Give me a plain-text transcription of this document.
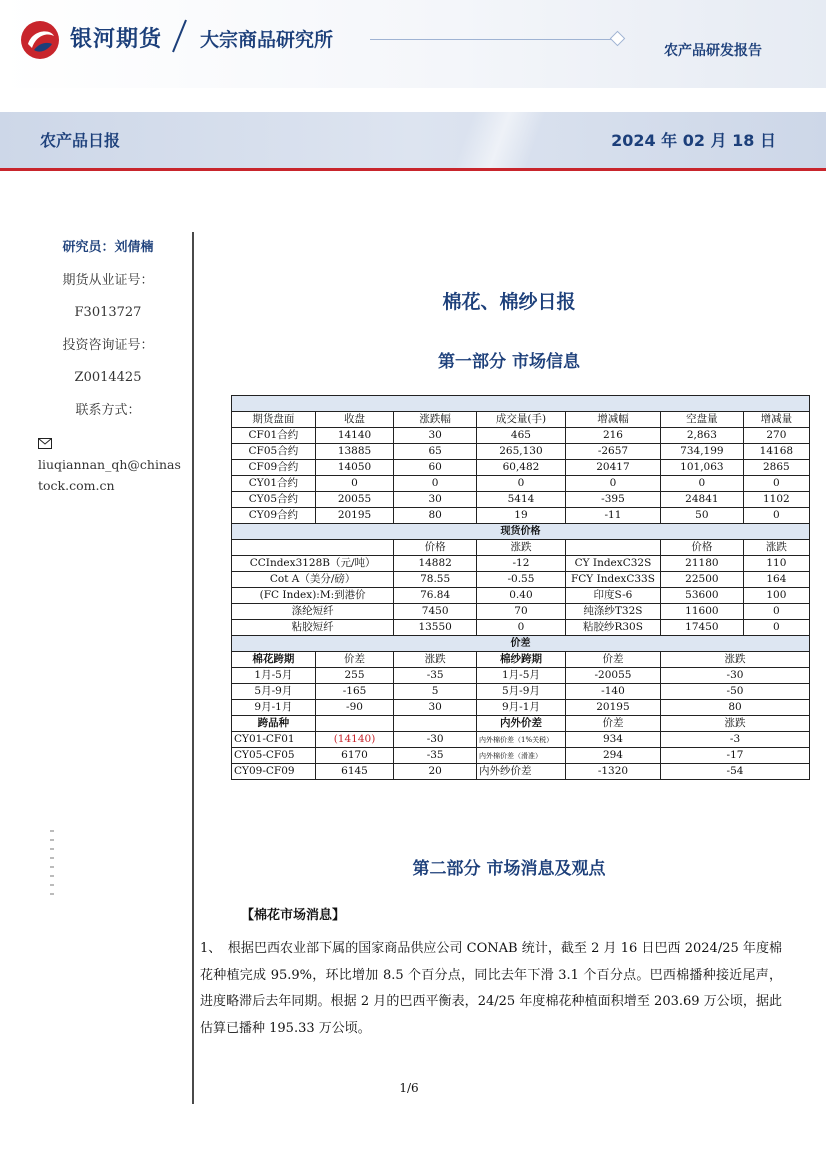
银河期货 大宗商品研究所	农产品研发报告
农产品日报	2024 年 02 月 18 日
研究员：刘倩楠
期货从业证号：
F3013727
投资咨询证号：
Z0014425
联系方式：
liuqiannan_qh@chinas
tock.com.cn
棉花、棉纱日报
第一部分 市场信息

期货盘面	收盘	涨跌幅	成交量(手)	增减幅	空盘量	增减量
CF01合约	14140	30	465	216	2,863	270
CF05合约	13885	65	265,130	-2657	734,199	14168
CF09合约	14050	60	60,482	20417	101,063	2865
CY01合约	0	0	0	0	0	0
CY05合约	20055	30	5414	-395	24841	1102
CY09合约	20195	80	19	-11	50	0
现货价格						
		价格	涨跌		价格	涨跌
CCIndex3128B（元/吨）		14882	-12	CY IndexC32S	21180	110
Cot A（美分/磅）		78.55	-0.55	FCY IndexC33S	22500	164
(FC Index):M:到港价		76.84	0.40	印度S-6	53600	100
涤纶短纤		7450	70	纯涤纱T32S	11600	0
粘胶短纤		13550	0	粘胶纱R30S	17450	0
价差						
棉花跨期	价差	涨跌	棉纱跨期	价差	涨跌	
1月-5月	255	-35	1月-5月	-20055	-30	
5月-9月	-165	5	5月-9月	-140	-50	
9月-1月	-90	30	9月-1月	20195	80	
跨品种			内外价差	价差	涨跌	
CY01-CF01	(14140)	-30	内外棉价差（1%关税）	934	-3	
CY05-CF05	6170	-35	内外棉价差（滑准）	294	-17	
CY09-CF09	6145	20	内外纱价差	-1320	-54	
第二部分 市场消息及观点
【棉花市场消息】
1、　根据巴西农业部下属的国家商品供应公司 CONAB 统计，截至 2 月 16 日巴西 2024/25 年度棉花种植完成 95.9%，环比增加 8.5 个百分点，同比去年下滑 3.1 个百分点。巴西棉播种接近尾声，进度略滞后去年同期。根据 2 月的巴西平衡表，24/25 年度棉花种植面积增至 203.69 万公顷，据此估算已播种 195.33 万公顷。
1/6
